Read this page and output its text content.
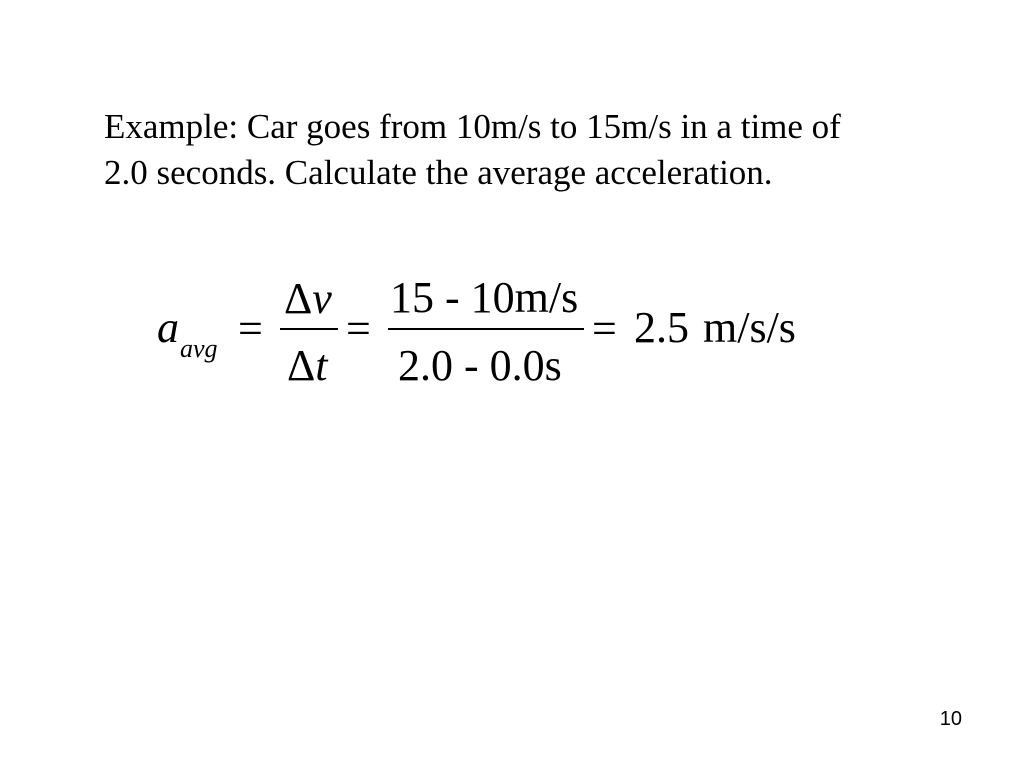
Example: Car goes from 10m/s to 15m/s in a time of
2.0 seconds. Calculate the average acceleration.
a avg =
Δv
Δt
=
15 - 10m/s
2.0 - 0.0s
= 2.5 m/s/s
10
